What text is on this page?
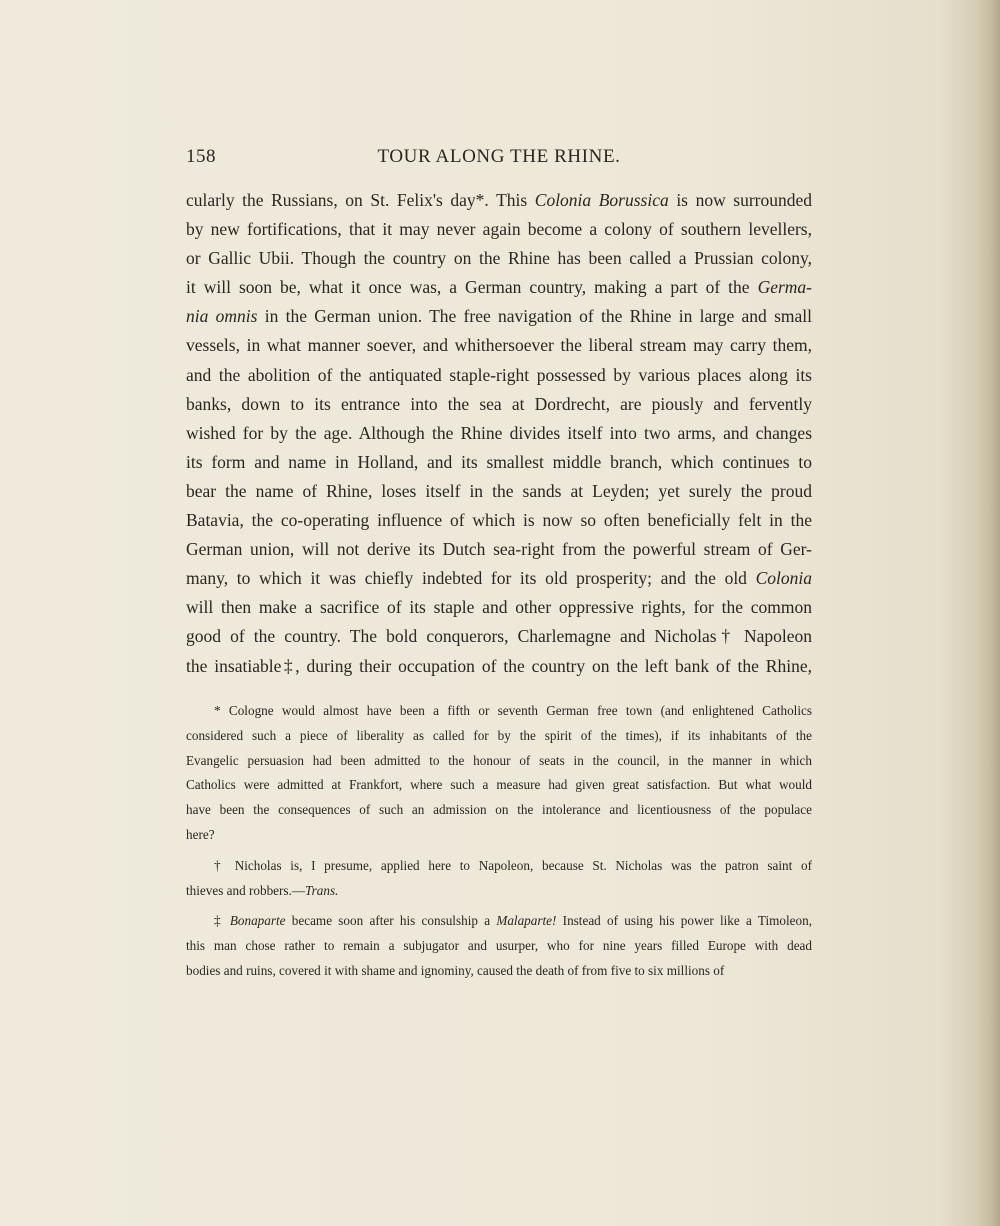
158	TOUR ALONG THE RHINE.
cularly the Russians, on St. Felix's day*. This Colonia Borussica is now surrounded
by new fortifications, that it may never again become a colony of southern levellers,
or Gallic Ubii. Though the country on the Rhine has been called a Prussian colony,
it will soon be, what it once was, a German country, making a part of the Germa-
nia omnis in the German union. The free navigation of the Rhine in large and small
vessels, in what manner soever, and whithersoever the liberal stream may carry them,
and the abolition of the antiquated staple-right possessed by various places along its
banks, down to its entrance into the sea at Dordrecht, are piously and fervently
wished for by the age. Although the Rhine divides itself into two arms, and changes
its form and name in Holland, and its smallest middle branch, which continues to
bear the name of Rhine, loses itself in the sands at Leyden; yet surely the proud
Batavia, the co-operating influence of which is now so often beneficially felt in the
German union, will not derive its Dutch sea-right from the powerful stream of Ger-
many, to which it was chiefly indebted for its old prosperity; and the old Colonia
will then make a sacrifice of its staple and other oppressive rights, for the common
good of the country. The bold conquerors, Charlemagne and Nicholas† Napoleon
the insatiable‡, during their occupation of the country on the left bank of the Rhine,
* Cologne would almost have been a fifth or seventh German free town (and enlightened Catholics
considered such a piece of liberality as called for by the spirit of the times), if its inhabitants of the
Evangelic persuasion had been admitted to the honour of seats in the council, in the manner in which
Catholics were admitted at Frankfort, where such a measure had given great satisfaction. But what would
have been the consequences of such an admission on the intolerance and licentiousness of the populace
here?
† Nicholas is, I presume, applied here to Napoleon, because St. Nicholas was the patron saint of
thieves and robbers.—Trans.
‡ Bonaparte became soon after his consulship a Malaparte! Instead of using his power like a Timoleon,
this man chose rather to remain a subjugator and usurper, who for nine years filled Europe with dead
bodies and ruins, covered it with shame and ignominy, caused the death of from five to six millions of
